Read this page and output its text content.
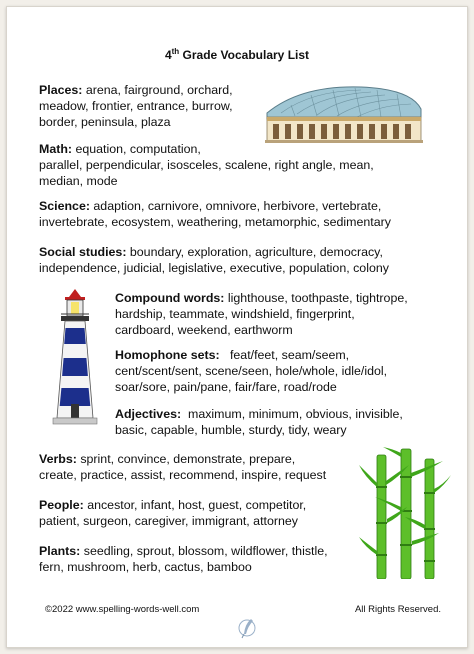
4th Grade Vocabulary List
Places: arena, fairground, orchard,
meadow, frontier, entrance, burrow,
border, peninsula, plaza
Math: equation, computation,
parallel, perpendicular, isosceles, scalene, right angle, mean,
median, mode
Science: adaption, carnivore, omnivore, herbivore, vertebrate,
invertebrate, ecosystem, weathering, metamorphic, sedimentary
Social studies: boundary, exploration, agriculture, democracy,
independence, judicial, legislative, executive, population, colony
Compound words: lighthouse, toothpaste, tightrope,
hardship, teammate, windshield, fingerprint,
cardboard, weekend, earthworm
Homophone sets:   feat/feet, seam/seem,
cent/scent/sent, scene/seen, hole/whole, idle/idol,
soar/sore, pain/pane, fair/fare, road/rode
Adjectives:  maximum, minimum, obvious, invisible,
basic, capable, humble, sturdy, tidy, weary
Verbs: sprint, convince, demonstrate, prepare,
create, practice, assist, recommend, inspire, request
People: ancestor, infant, host, guest, competitor,
patient, surgeon, caregiver, immigrant, attorney
Plants: seedling, sprout, blossom, wildflower, thistle,
fern, mushroom, herb, cactus, bamboo
©2022 www.spelling-words-well.com	All Rights Reserved.
